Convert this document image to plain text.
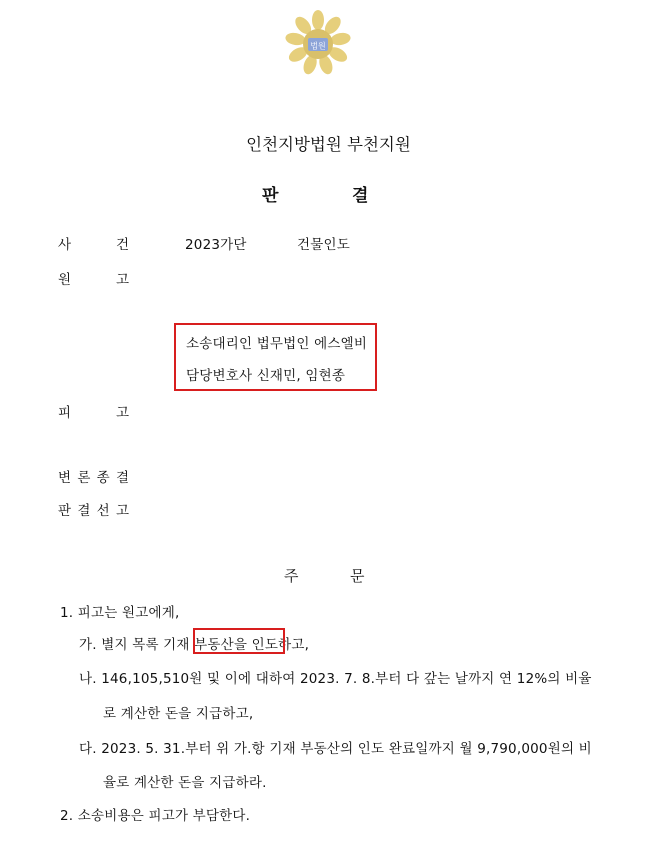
법원
인천지방법원 부천지원
판	결
사	건	2023가단	건물인도
원	고
소송대리인 법무법인 에스엘비
담당변호사 신재민, 임현종
피	고
변 론 종 결
판 결 선 고
주	문
1. 피고는 원고에게,
가. 별지 목록 기재 부동산을 인도하고,
나. 146,105,510원 및 이에 대하여 2023. 7. 8.부터 다 갚는 날까지 연 12%의 비율
로 계산한 돈을 지급하고,
다. 2023. 5. 31.부터 위 가.항 기재 부동산의 인도 완료일까지 월 9,790,000원의 비
율로 계산한 돈을 지급하라.
2. 소송비용은 피고가 부담한다.
